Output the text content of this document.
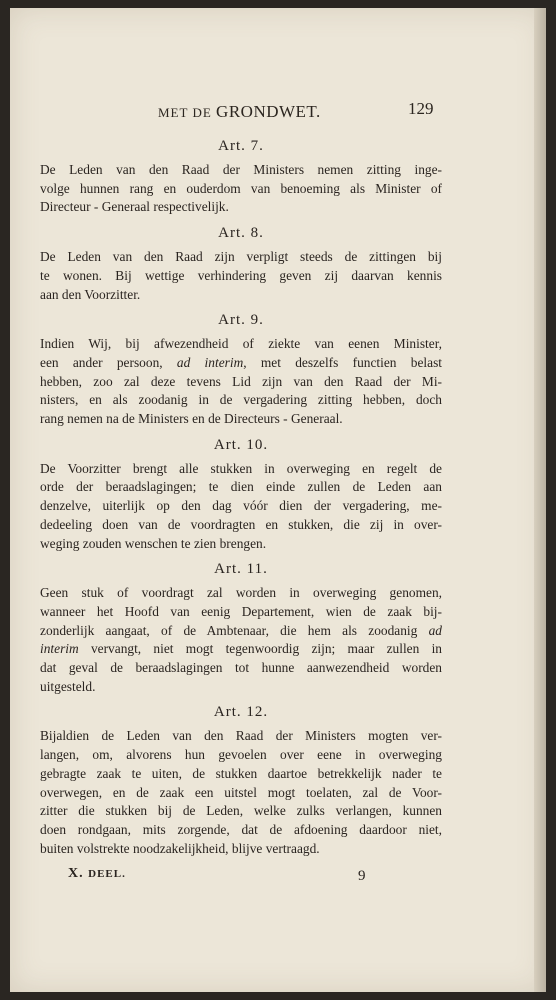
MET DE GRONDWET.	129
Art. 7.
De Leden van den Raad der Ministers nemen zitting inge-
volge hunnen rang en ouderdom van benoeming als Minister of
Directeur - Generaal respectivelijk.
Art. 8.
De Leden van den Raad zijn verpligt steeds de zittingen bij
te wonen. Bij wettige verhindering geven zij daarvan kennis
aan den Voorzitter.
Art. 9.
Indien Wij, bij afwezendheid of ziekte van eenen Minister,
een ander persoon, ad interim, met deszelfs functien belast
hebben, zoo zal deze tevens Lid zijn van den Raad der Mi-
nisters, en als zoodanig in de vergadering zitting hebben, doch
rang nemen na de Ministers en de Directeurs - Generaal.
Art. 10.
De Voorzitter brengt alle stukken in overweging en regelt de
orde der beraadslagingen; te dien einde zullen de Leden aan
denzelve, uiterlijk op den dag vóór dien der vergadering, me-
dedeeling doen van de voordragten en stukken, die zij in over-
weging zouden wenschen te zien brengen.
Art. 11.
Geen stuk of voordragt zal worden in overweging genomen,
wanneer het Hoofd van eenig Departement, wien de zaak bij-
zonderlijk aangaat, of de Ambtenaar, die hem als zoodanig ad
interim vervangt, niet mogt tegenwoordig zijn; maar zullen in
dat geval de beraadslagingen tot hunne aanwezendheid worden
uitgesteld.
Art. 12.
Bijaldien de Leden van den Raad der Ministers mogten ver-
langen, om, alvorens hun gevoelen over eene in overweging
gebragte zaak te uiten, de stukken daartoe betrekkelijk nader te
overwegen, en de zaak een uitstel mogt toelaten, zal de Voor-
zitter die stukken bij de Leden, welke zulks verlangen, kunnen
doen rondgaan, mits zorgende, dat de afdoening daardoor niet,
buiten volstrekte noodzakelijkheid, blijve vertraagd.
X. DEEL.	9
